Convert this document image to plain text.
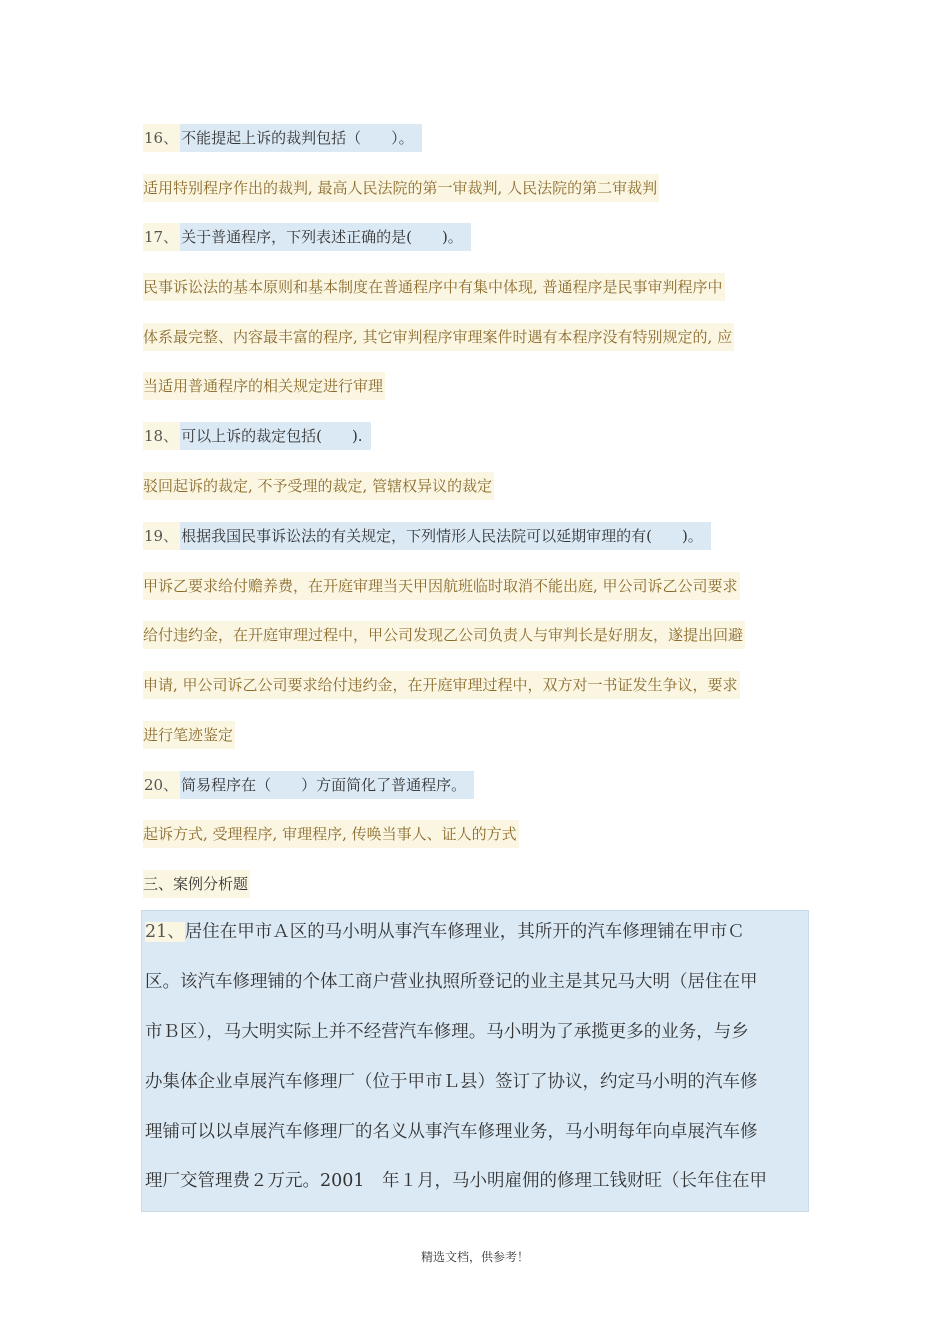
16、 不能提起上诉的裁判包括（　　）。
适用特别程序作出的裁判, 最高人民法院的第一审裁判, 人民法院的第二审裁判
17、 关于普通程序，下列表述正确的是(　　)。
民事诉讼法的基本原则和基本制度在普通程序中有集中体现, 普通程序是民事审判程序中
体系最完整、内容最丰富的程序, 其它审判程序审理案件时遇有本程序没有特别规定的, 应
当适用普通程序的相关规定进行审理
18、 可以上诉的裁定包括(　　).
驳回起诉的裁定, 不予受理的裁定, 管辖权异议的裁定
19、 根据我国民事诉讼法的有关规定，下列情形人民法院可以延期审理的有(　　)。
甲诉乙要求给付赡养费，在开庭审理当天甲因航班临时取消不能出庭, 甲公司诉乙公司要求
给付违约金，在开庭审理过程中，甲公司发现乙公司负责人与审判长是好朋友，遂提出回避
申请, 甲公司诉乙公司要求给付违约金，在开庭审理过程中，双方对一书证发生争议，要求
进行笔迹鉴定
20、 简易程序在（　　）方面简化了普通程序。
起诉方式, 受理程序, 审理程序, 传唤当事人、证人的方式
三、案例分析题
21、居住在甲市Ａ区的马小明从事汽车修理业，其所开的汽车修理铺在甲市Ｃ
区。该汽车修理铺的个体工商户营业执照所登记的业主是其兄马大明（居住在甲
市Ｂ区），马大明实际上并不经营汽车修理。马小明为了承揽更多的业务，与乡
办集体企业卓展汽车修理厂（位于甲市Ｌ县）签订了协议，约定马小明的汽车修
理铺可以以卓展汽车修理厂的名义从事汽车修理业务，马小明每年向卓展汽车修
理厂交管理费２万元。2001　年１月，马小明雇佣的修理工钱财旺（长年住在甲
精选文档，供参考！
